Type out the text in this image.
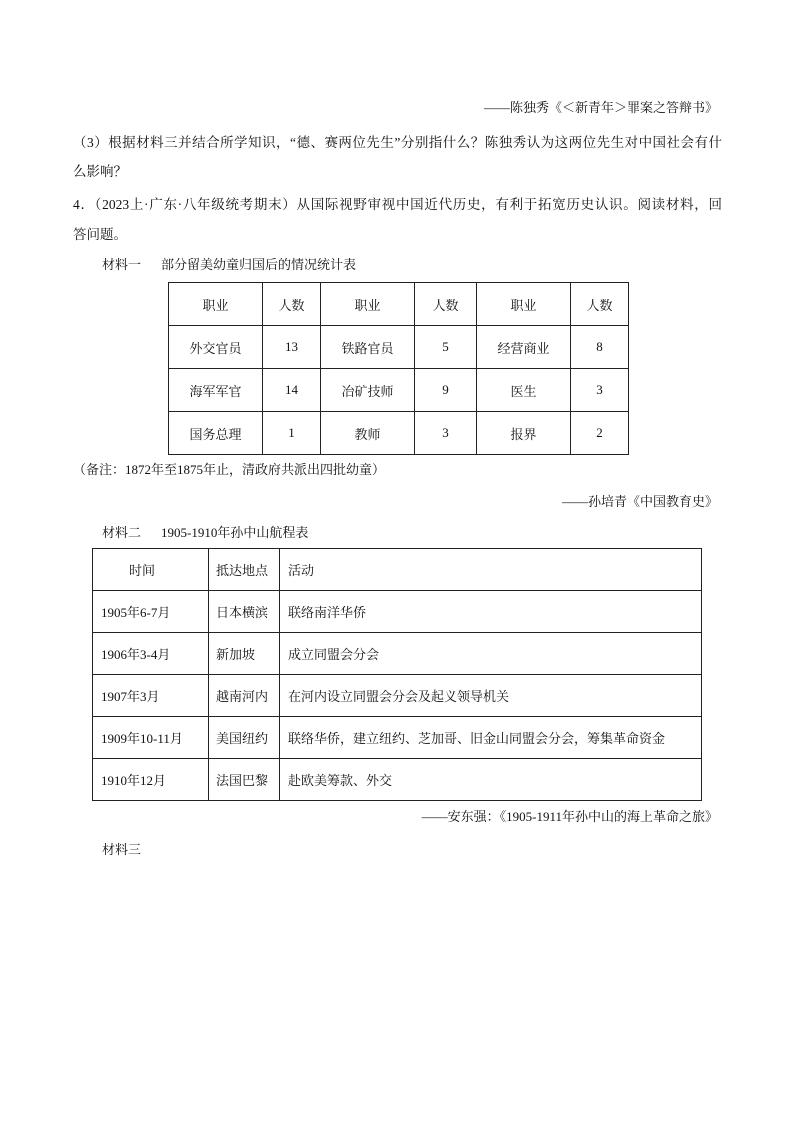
——陈独秀《＜新青年＞罪案之答辩书》
（3）根据材料三并结合所学知识，“德、赛两位先生”分别指什么？陈独秀认为这两位先生对中国社会有什
么影响？
4．（2023上·广东·八年级统考期末）从国际视野审视中国近代历史，有利于拓宽历史认识。阅读材料，回
答问题。
材料一 部分留美幼童归国后的情况统计表
职业	人数	职业	人数	职业	人数
外交官员	13	铁路官员	5	经营商业	8
海军军官	14	冶矿技师	9	医生	3
国务总理	1	教师	3	报界	2
（备注：1872年至1875年止，清政府共派出四批幼童）
——孙培青《中国教育史》
材料二 1905-1910年孙中山航程表
时间	抵达地点	活动
1905年6-7月	日本横滨	联络南洋华侨
1906年3-4月	新加坡	成立同盟会分会
1907年3月	越南河内	在河内设立同盟会分会及起义领导机关
1909年10-11月	美国纽约	联络华侨，建立纽约、芝加哥、旧金山同盟会分会，筹集革命资金
1910年12月	法国巴黎	赴欧美筹款、外交
——安东强：《1905-1911年孙中山的海上革命之旅》
材料三
